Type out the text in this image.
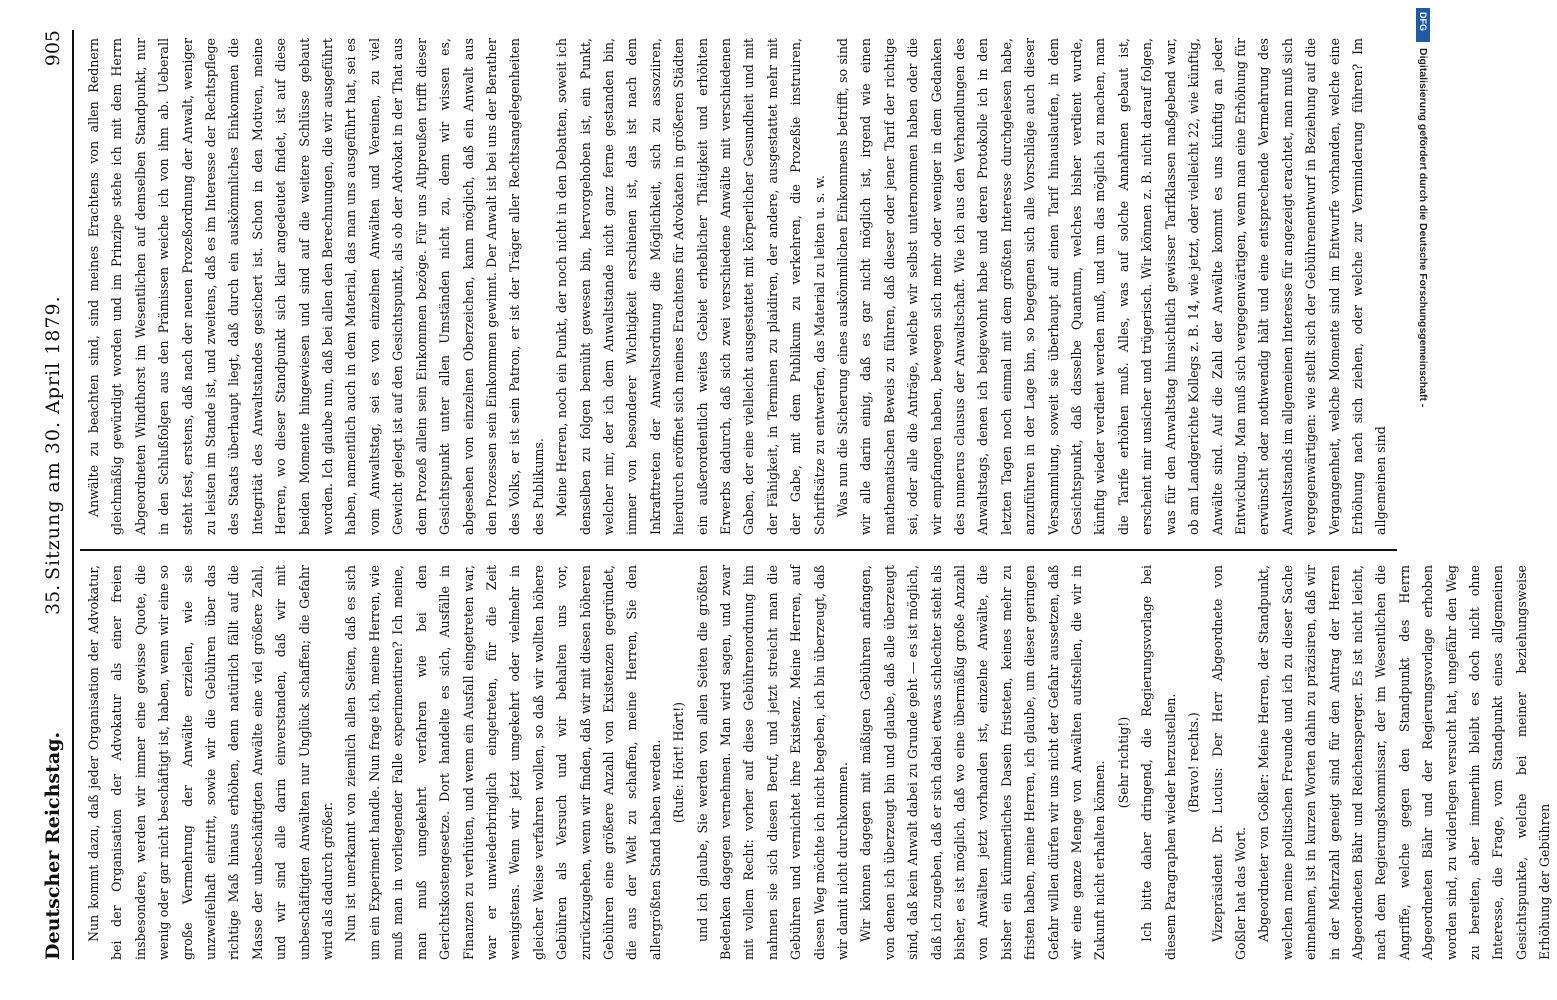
Deutscher Reichstag.
35.
Sitzung am 30. April 1879.
905

Nun kommt dazu, daß jeder Organisation der Advokatur, bei der Organisation der Advokatur als einer freien insbesondere, werden wir immer eine gewisse Quote, die wenig oder gar nicht beschäftigt ist, haben, wenn wir eine so große Vermehrung der Anwälte erzielen, wie sie unzweifelhaft eintritt, sowie wir die Gebühren über das richtige Maß hinaus erhöhen, denn natürlich fällt auf die Masse der unbeschäftigten Anwälte eine viel größere Zahl, und wir sind alle darin einverstanden, daß wir mit unbeschäftigten Anwälten nur Unglück schaffen; die Gefahr wird als dadurch größer. Nun ist unerkannt von ziemlich allen Seiten, daß es sich um ein Experiment handle. Nun frage ich, meine Herren, wie muß man in vorliegender Falle experimentiren? Ich meine, man muß umgekehrt verfahren wie bei den Gerichtskostengesetze. Dort handelte es sich, Ausfälle in Finanzen zu verhüten, und wenn ein Ausfall eingetreten war, war er unwiederbringlich eingetreten, für die Zeit wenigstens. Wenn wir jetzt umgekehrt oder vielmehr in gleicher Weise verfahren wollen, so daß wir wollten höhere Gebühren als Versuch und wir behalten uns vor, zurückzugehen, wenn wir finden, daß wir mit diesen höheren Gebühren eine größere Anzahl von Existenzen gegründet, die aus der Welt zu schaffen, meine Herren, Sie den allergrößten Stand haben werden. (Rufe: Hört! Hört!) und ich glaube, Sie werden von allen Seiten die größten Bedenken dagegen vernehmen. Man wird sagen, und zwar mit vollem Recht: vorher auf diese Gebührenordnung hin nahmen sie sich diesen Beruf, und jetzt streicht man die Gebühren und vernichtet ihre Existenz. Meine Herren, auf diesen Weg möchte ich nicht begeben, ich bin überzeugt, daß wir damit nicht durchkommen. Wir können dagegen mit mäßigen Gebühren anfangen, von denen ich überzeugt bin und glaube, daß alle überzeugt sind, daß kein Anwalt dabei zu Grunde geht — es ist möglich, daß ich zugeben, daß er sich dabei etwas schlechter steht als bisher, es ist möglich, daß wo eine übermäßig große Anzahl von Anwälten jetzt vorhanden ist, einzelne Anwälte, die bisher ein kümmerliches Dasein fristeten, keines mehr zu fristen haben, meine Herren, ich glaube, um dieser geringen Gefahr willen dürfen wir uns nicht der Gefahr aussetzen, daß wir eine ganze Menge von Anwälten aufstellen, die wir in Zukunft nicht erhalten können. (Sehr richtig!) Ich bitte daher dringend, die Regierungsvorlage bei diesem Paragraphen wieder herzustellen. (Bravo! rechts.) Vizepräsident Dr. Lucius: Der Herr Abgeordnete von Goßler hat das Wort. Abgeordneter von Goßler: Meine Herren, der Standpunkt, welchen meine politischen Freunde und ich zu dieser Sache einnehmen, ist in kurzen Worten dahin zu präzisiren, daß wir in der Mehrzahl geneigt sind für den Antrag der Herren Abgeordneten Bähr und Reichensperger. Es ist nicht leicht, nach dem Regierungskommissar, der im Wesentlichen die Angriffe, welche gegen den Standpunkt des Herrn Abgeordneten Bähr und der Regierungsvorlage erhoben worden sind, zu widerlegen versucht hat, ungefähr den Weg zu bereiten, aber immerhin bleibt es doch nicht ohne Interesse, die Frage, vom Standpunkt eines allgemeinen Gesichtspunkte, welche bei meiner beziehungsweise Erhöhung der Gebühren

Anwälte zu beachten sind, sind meines Erachtens von allen Rednern gleichmäßig gewürdigt worden und im Prinzipe stehe ich mit dem Herrn Abgeordneten Windthorst im Wesentlichen auf demselben Standpunkt, nur in den Schlußfolgen aus den Prämissen weiche ich von ihm ab. Ueberall steht fest, erstens, daß nach der neuen Prozeßordnung der Anwalt, weniger zu leisten im Stande ist, und zweitens, daß es im Interesse der Rechtspflege des Staats überhaupt liegt, daß durch ein auskömmliches Einkommen die Integrität des Anwaltstandes gesichert ist. Schon in den Motiven, meine Herren, wo dieser Standpunkt sich klar angedeutet findet, ist auf diese beiden Momente hingewiesen und sind auf die weitere Schlüsse gebaut worden. Ich glaube nun, daß bei allen den Berechnungen, die wir ausgeführt haben, namentlich auch in dem Material, das man uns ausgeführt hat, sei es vom Anwaltstag, sei es von einzelnen Anwälten und Vereinen, zu viel Gewicht gelegt ist auf den Gesichtspunkt, als ob der Advokat in der That aus dem Prozeß allein sein Einkommen bezöge. Für uns Altpreußen trifft dieser Gesichtspunkt unter allen Umständen nicht zu, denn wir wissen es, abgesehen von einzelnen Oberzeichen, kann möglich, daß ein Anwalt aus den Prozessen sein Einkommen gewinnt. Der Anwalt ist bei uns der Berather des Volks, er ist sein Patron, er ist der Träger aller Rechtsangelegenheiten des Publikums. Meine Herren, noch ein Punkt, der noch nicht in den Debatten, soweit ich denselben zu folgen bemüht gewesen bin, hervorgehoben ist, ein Punkt, welcher mir, der ich dem Anwaltstande nicht ganz ferne gestanden bin, immer von besonderer Wichtigkeit erschienen ist, das ist nach dem Inkrafttreten der Anwaltsordnung die Möglichkeit, sich zu assoziiren, hierdurch eröffnet sich meines Erachtens für Advokaten in größeren Städten ein außerordentlich weites Gebiet erheblicher Thätigkeit und erhöhten Erwerbs dadurch, daß sich zwei verschiedene Anwälte mit verschiedenen Gaben, der eine vielleicht ausgestattet mit körperlicher Gesundheit und mit der Fähigkeit, in Terminen zu plaidiren, der andere, ausgestattet mehr mit der Gabe, mit dem Publikum zu verkehren, die Prozeßie instruiren, Schriftsätze zu entwerfen, das Material zu leiten u. s. w. Was nun die Sicherung eines auskömmlichen Einkommens betrifft, so sind wir alle darin einig, daß es gar nicht möglich ist, irgend wie einen mathematischen Beweis zu führen, daß dieser oder jener Tarif der richtige sei, oder alle die Anträge, welche wir selbst unternommen haben oder die wir empfangen haben, bewegen sich mehr oder weniger in dem Gedanken des numerus clausus der Anwaltschaft. Wie ich aus den Verhandlungen des Anwaltstags, denen ich beigewohnt habe und deren Protokolle ich in den letzten Tagen noch einmal mit dem größten Interesse durchgelesen habe, anzuführen in der Lage bin, so begegnen sich alle Vorschläge auch dieser Versammlung, soweit sie überhaupt auf einen Tarif hinauslaufen, in dem Gesichtspunkt, daß dasselbe Quantum, welches bisher verdient wurde, künftig wieder verdient werden muß, und um das möglich zu machen, man die Tarife erhöhen muß. Alles, was auf solche Annahmen gebaut ist, erscheint mir unsicher und trügerisch. Wir können z. B. nicht darauf folgen, was für den Anwaltstag hinsichtlich gewisser Tarifklassen maßgebend war, ob am Landgerichte Kollegs z. B. 14, wie jetzt, oder vielleicht 22, wie künftig, Anwälte sind. Auf die Zahl der Anwälte kommt es uns künftig an jeder Entwicklung. Man muß sich vergegenwärtigen, wenn man eine Erhöhung für erwünscht oder nothwendig hält und eine entsprechende Vermehrung des Anwaltstands im allgemeinen Interesse für angezeigt erachtet, man muß sich vergegenwärtigen: wie stellt sich der Gebührenentwurf in Beziehung auf die Vergangenheit, welche Momente sind im Entwurfe vorhanden, welche eine Erhöhung nach sich ziehen, oder welche zur Verminderung führen? Im allgemeinen sind

DFG
Digitalisierung gefördert durch die Deutsche Forschungsgemeinschaft -
